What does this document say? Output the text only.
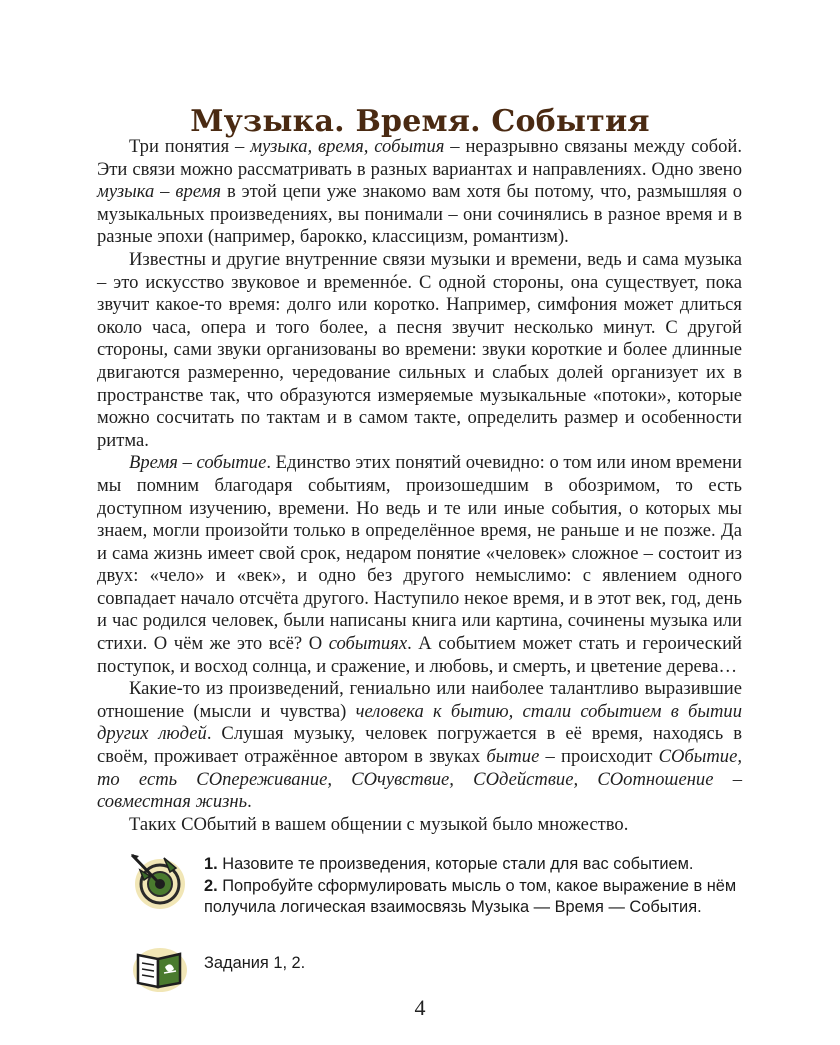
Музыка. Время. События

Три понятия – музыка, время, события – неразрывно связаны между собой. Эти связи можно рассматривать в разных вариантах и направлениях. Одно звено музыка – время в этой цепи уже знакомо вам хотя бы потому, что, размышляя о музыкальных произведениях, вы понимали – они сочинялись в разное время и в разные эпохи (например, барокко, классицизм, романтизм).

Известны и другие внутренние связи музыки и времени, ведь и сама музыка – это искусство звуковое и временнóе. С одной стороны, она существует, пока звучит какое-то время: долго или коротко. Например, симфония может длиться около часа, опера и того более, а песня звучит несколько минут. С другой стороны, сами звуки организованы во времени: звуки короткие и более длинные двигаются размеренно, чередование сильных и слабых долей организует их в пространстве так, что образуются измеряемые музыкальные «потоки», которые можно сосчитать по тактам и в самом такте, определить размер и особенности ритма.

Время – событие. Единство этих понятий очевидно: о том или ином времени мы помним благодаря событиям, произошедшим в обозримом, то есть доступном изучению, времени. Но ведь и те или иные события, о которых мы знаем, могли произойти только в определённое время, не раньше и не позже. Да и сама жизнь имеет свой срок, недаром понятие «человек» сложное – состоит из двух: «чело» и «век», и одно без другого немыслимо: с явлением одного совпадает начало отсчёта другого. Наступило некое время, и в этот век, год, день и час родился человек, были написаны книга или картина, сочинены музыка или стихи. О чём же это всё? О событиях. А событием может стать и героический поступок, и восход солнца, и сражение, и любовь, и смерть, и цветение дерева…

Какие-то из произведений, гениально или наиболее талантливо выразившие отношение (мысли и чувства) человека к бытию, стали событием в бытии других людей. Слушая музыку, человек погружается в её время, находясь в своём, проживает отражённое автором в звуках бытие – происходит СОбытие, то есть СОпереживание, СОчувствие, СОдействие, СОотношение – совместная жизнь.

Таких СОбытий в вашем общении с музыкой было множество.

1. Назовите те произведения, которые стали для вас событием.
2. Попробуйте сформулировать мысль о том, какое выражение в нём получила логическая взаимосвязь Музыка — Время — События.
Задания 1, 2.
4
